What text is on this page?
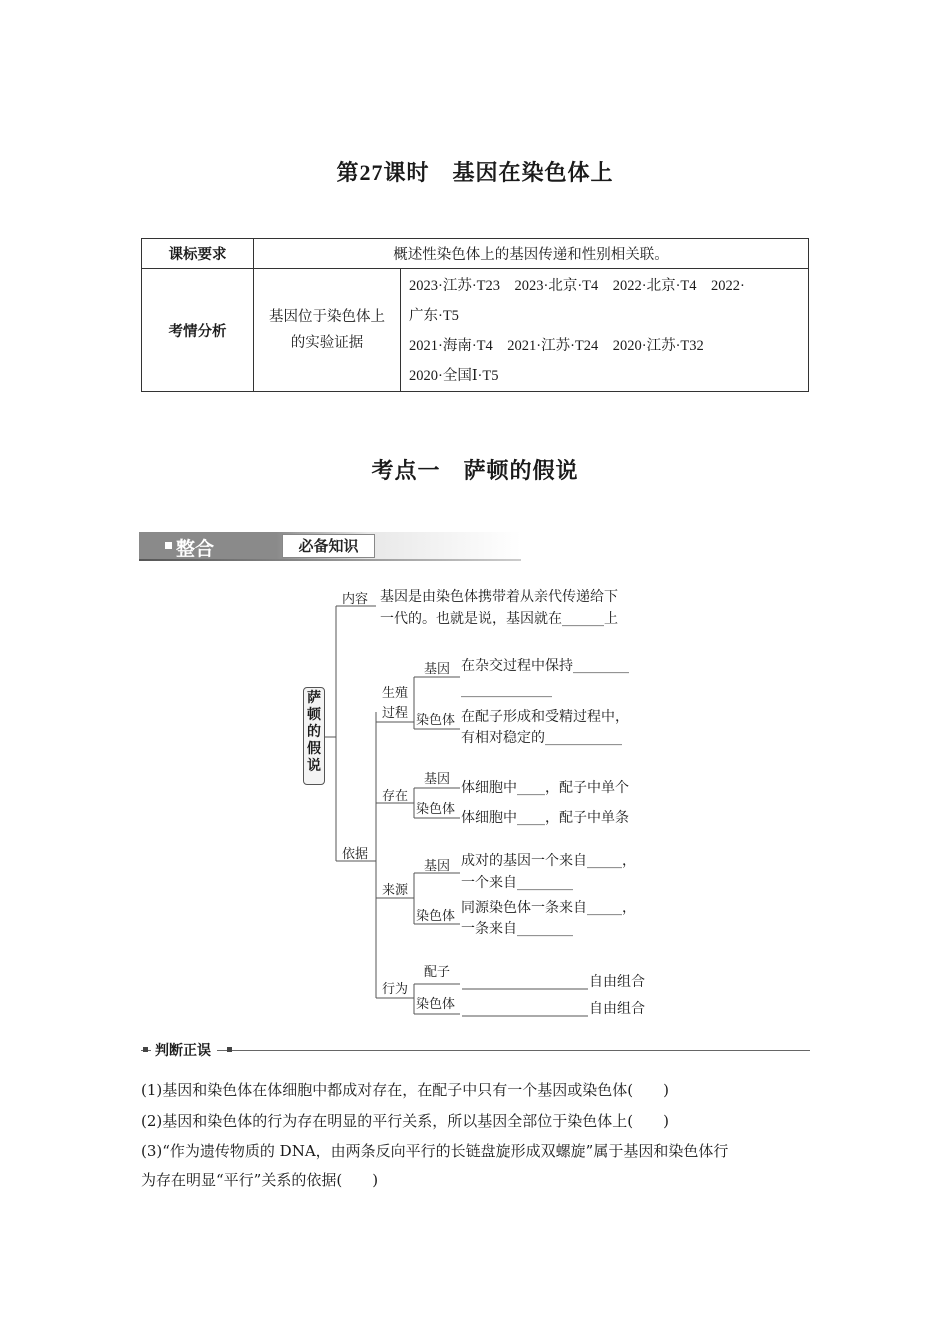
第27课时　基因在染色体上
课标要求	概述性染色体上的基因传递和性别相关联。	
考情分析	基因位于染色体上的实验证据	2023·江苏·T23　2023·北京·T4　2022·北京·T4　2022·
广东·T5
2021·海南·T4　2021·江苏·T24　2020·江苏·T32
2020·全国Ⅰ·T5
考点一　萨顿的假说
整合	必备知识
萨顿的假说
内容 基因是由染色体携带着从亲代传递给下
一代的。也就是说，基因就在______上
依据
生殖
过程
基因 在杂交过程中保持________
_____________
染色体 在配子形成和受精过程中，
有相对稳定的___________
存在
基因
体细胞中____，配子中单个
染色体
体细胞中____，配子中单条
来源
基因 成对的基因一个来自_____，
一个来自________
染色体
同源染色体一条来自_____，
一条来自________
行为
配子
自由组合
染色体	自由组合
判断正误
(1)基因和染色体在体细胞中都成对存在，在配子中只有一个基因或染色体(　　)
(2)基因和染色体的行为存在明显的平行关系，所以基因全部位于染色体上(　　)
(3)“作为遗传物质的 DNA，由两条反向平行的长链盘旋形成双螺旋”属于基因和染色体行
为存在明显“平行”关系的依据(　　)
